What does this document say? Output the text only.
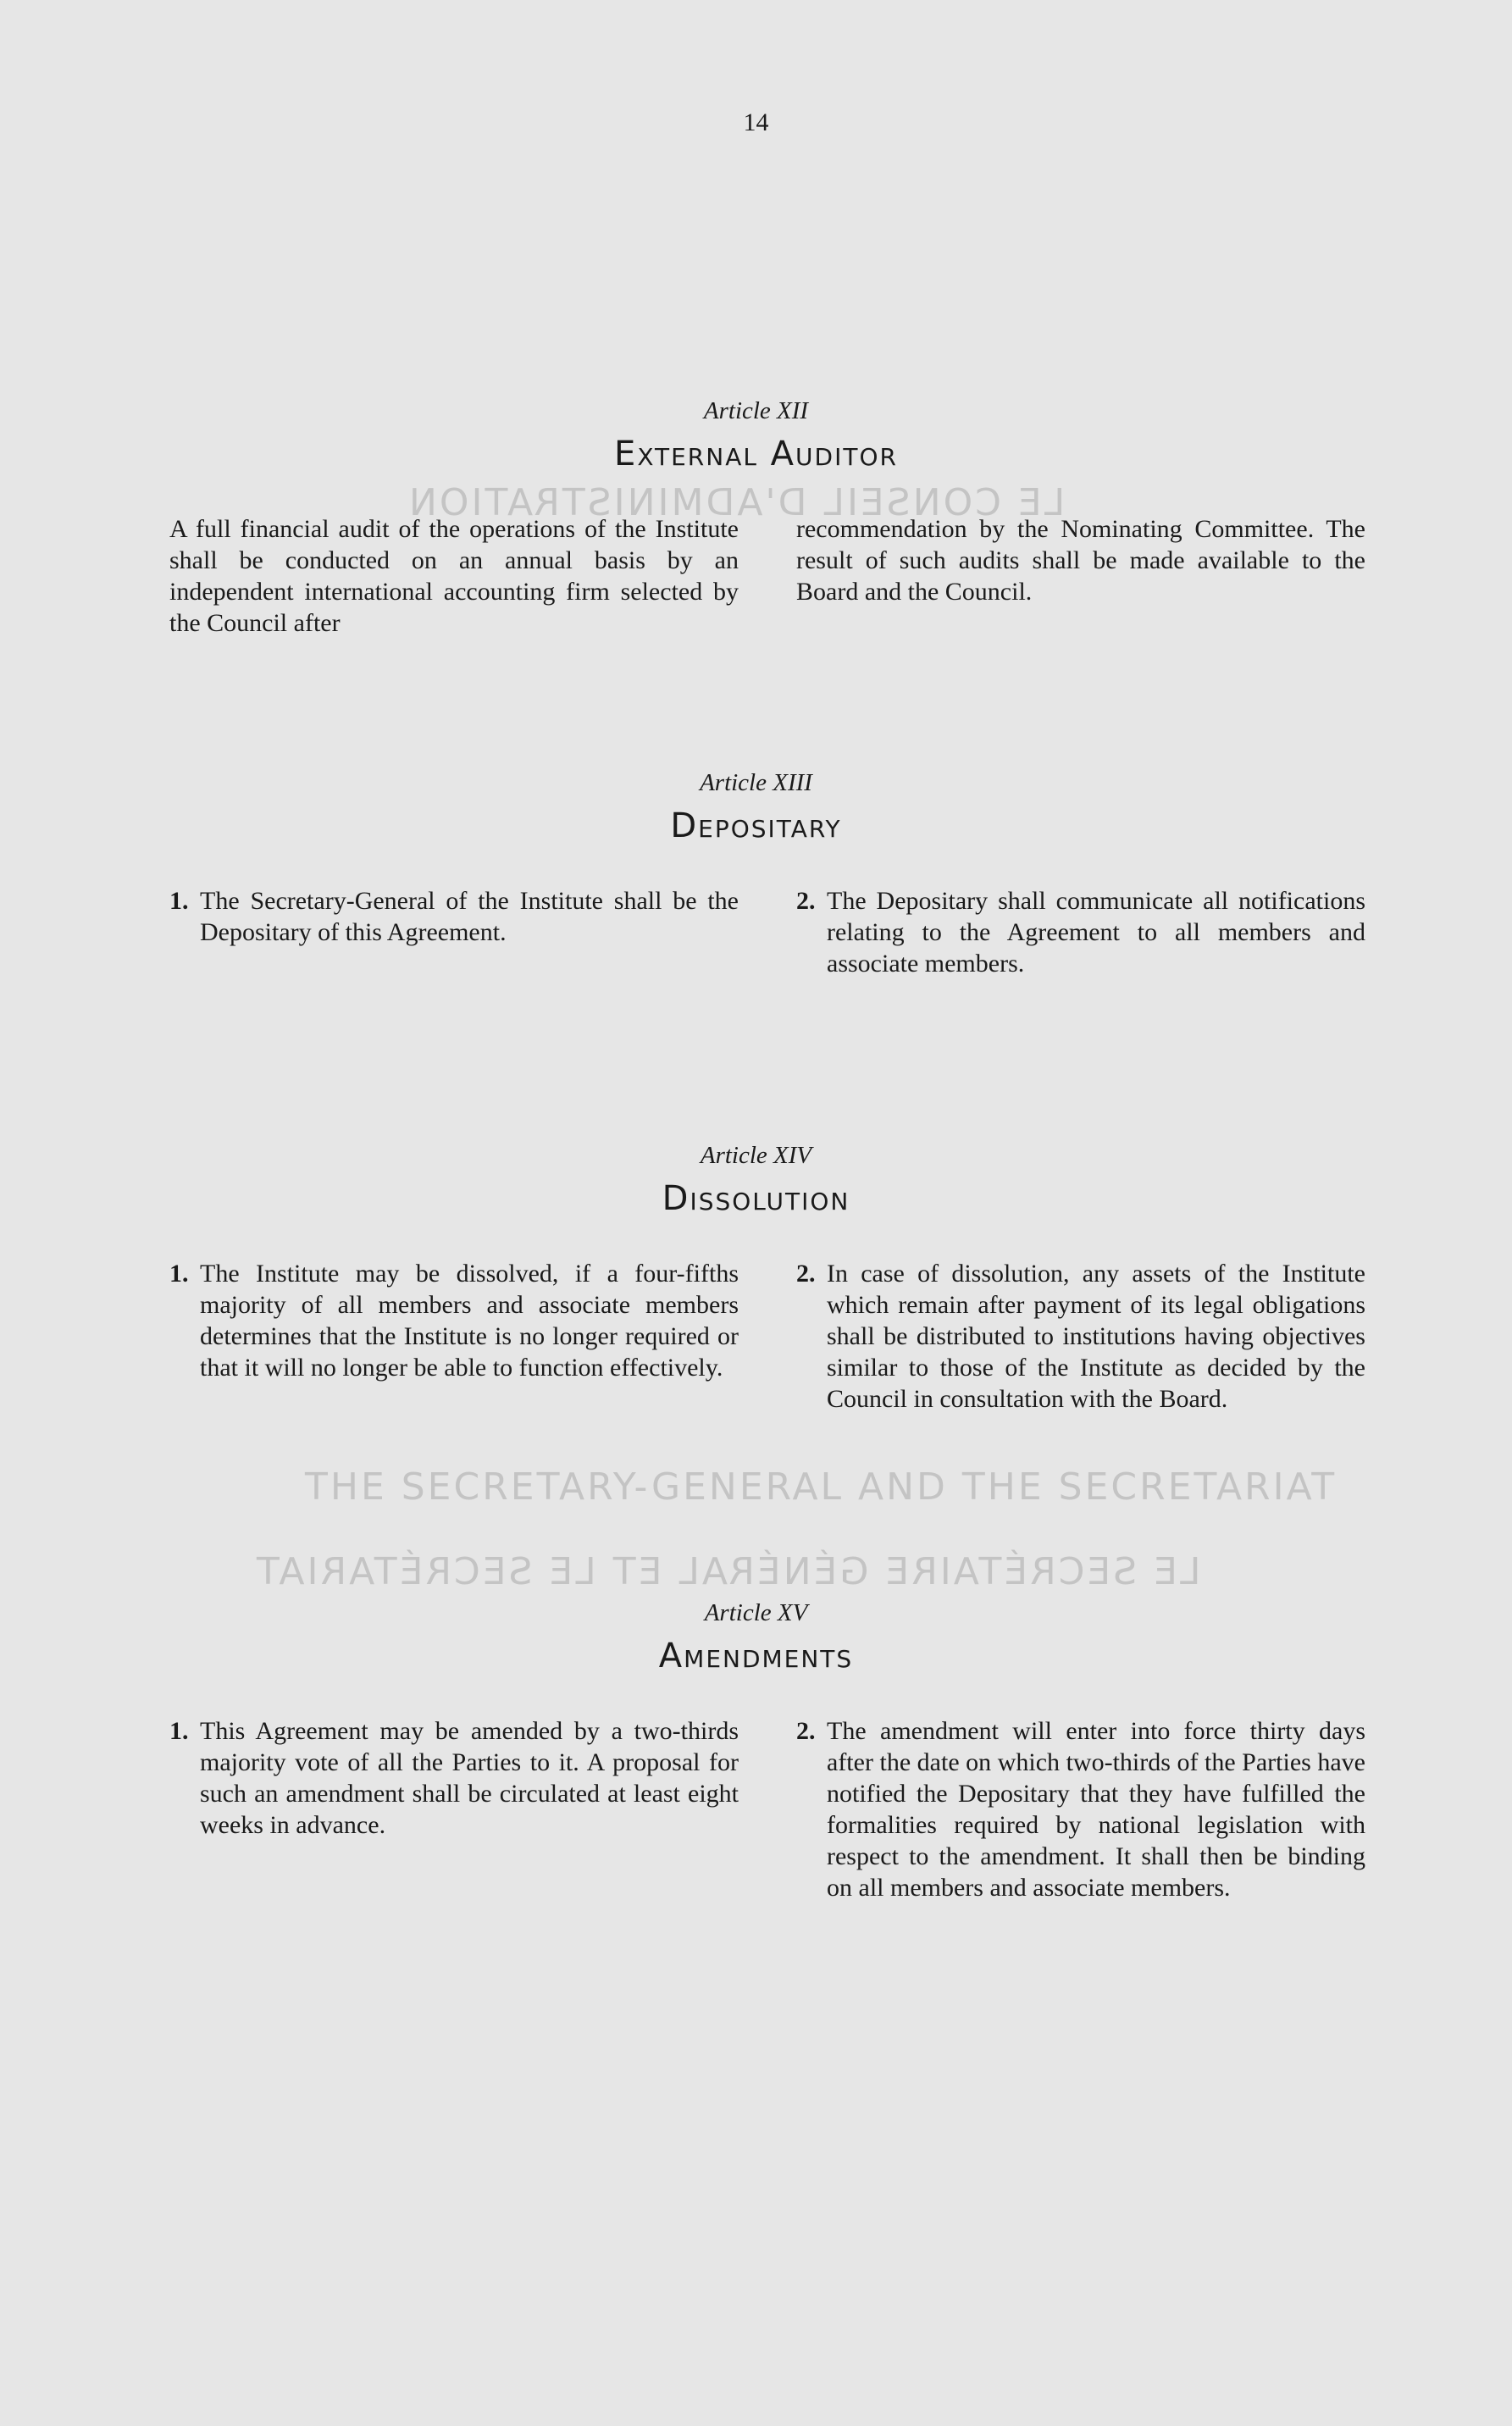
LE CONSEIL D'ADMINISTRATION
THE SECRETARY-GENERAL AND THE SECRETARIAT
LE SECRÉTAIRE GÉNÉRAL ET LE SECRÉTARIAT
14
Article XII
External Auditor

A full financial audit of the operations of the Institute shall be conducted on an annual basis by an independent international accounting firm selected by the Council after

recommendation by the Nominating Committee. The result of such audits shall be made available to the Board and the Council.

Article XIII
Depositary
1. The Secretary-General of the Institute shall be the Depositary of this Agreement.
2. The Depositary shall communicate all notifications relating to the Agreement to all members and associate members.
Article XIV
Dissolution
1. The Institute may be dissolved, if a four-fifths majority of all members and associate members determines that the Institute is no longer required or that it will no longer be able to function effectively.
2. In case of dissolution, any assets of the Institute which remain after payment of its legal obligations shall be distributed to institutions having objectives similar to those of the Institute as decided by the Council in consultation with the Board.
Article XV
Amendments
1. This Agreement may be amended by a two-thirds majority vote of all the Parties to it. A proposal for such an amendment shall be circulated at least eight weeks in advance.
2. The amendment will enter into force thirty days after the date on which two-thirds of the Parties have notified the Depositary that they have fulfilled the formalities required by national legislation with respect to the amendment. It shall then be binding on all members and associate members.
